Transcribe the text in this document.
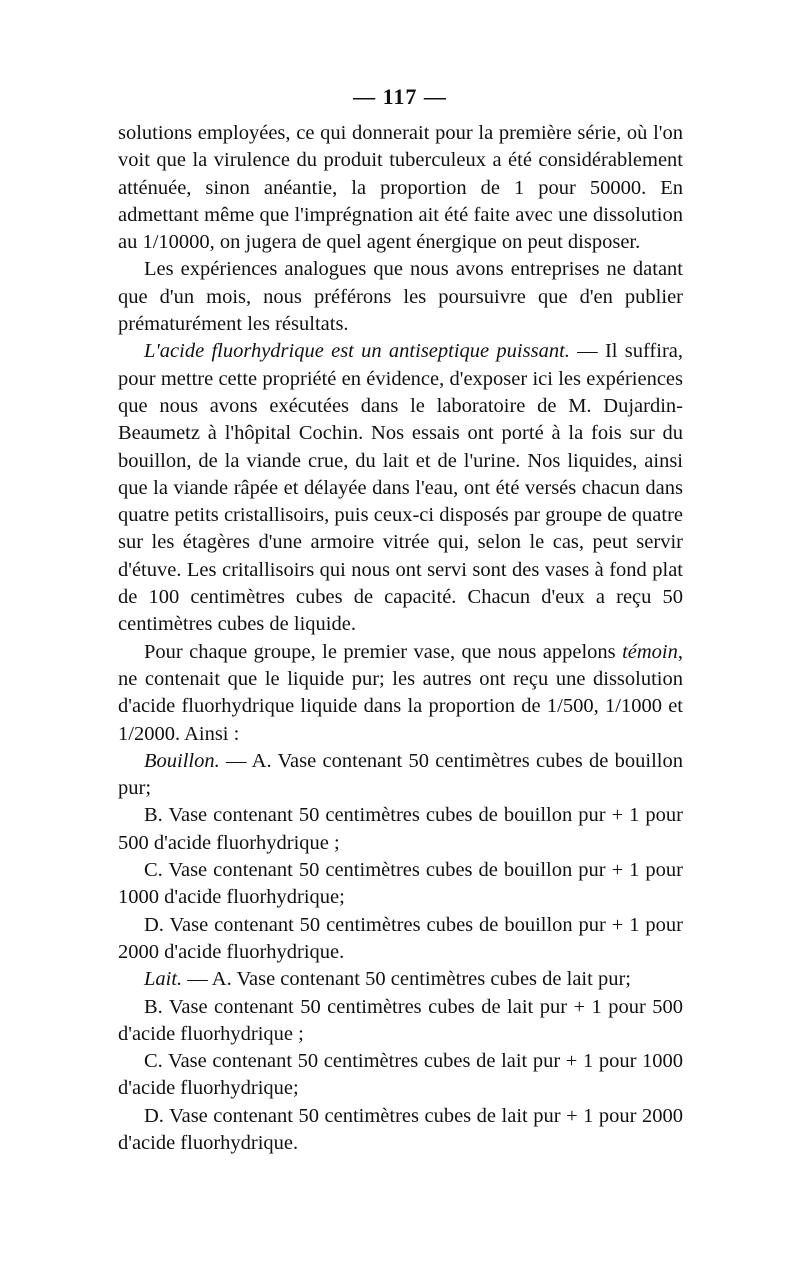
— 117 —

solutions employées, ce qui donnerait pour la première série, où l'on voit que la virulence du produit tuberculeux a été considérablement atténuée, sinon anéantie, la proportion de 1 pour 50000. En admettant même que l'imprégnation ait été faite avec une dissolution au 1/10000, on jugera de quel agent énergique on peut disposer.

Les expériences analogues que nous avons entreprises ne datant que d'un mois, nous préférons les poursuivre que d'en publier prématurément les résultats.

L'acide fluorhydrique est un antiseptique puissant. — Il suffira, pour mettre cette propriété en évidence, d'exposer ici les expériences que nous avons exécutées dans le laboratoire de M. Dujardin-Beaumetz à l'hôpital Cochin. Nos essais ont porté à la fois sur du bouillon, de la viande crue, du lait et de l'urine. Nos liquides, ainsi que la viande râpée et délayée dans l'eau, ont été versés chacun dans quatre petits cristallisoirs, puis ceux-ci disposés par groupe de quatre sur les étagères d'une armoire vitrée qui, selon le cas, peut servir d'étuve. Les critallisoirs qui nous ont servi sont des vases à fond plat de 100 centimètres cubes de capacité. Chacun d'eux a reçu 50 centimètres cubes de liquide.

Pour chaque groupe, le premier vase, que nous appelons témoin, ne contenait que le liquide pur; les autres ont reçu une dissolution d'acide fluorhydrique liquide dans la proportion de 1/500, 1/1000 et 1/2000. Ainsi :

Bouillon. — A. Vase contenant 50 centimètres cubes de bouillon pur;

B. Vase contenant 50 centimètres cubes de bouillon pur + 1 pour 500 d'acide fluorhydrique ;

C. Vase contenant 50 centimètres cubes de bouillon pur + 1 pour 1000 d'acide fluorhydrique;

D. Vase contenant 50 centimètres cubes de bouillon pur + 1 pour 2000 d'acide fluorhydrique.

Lait. — A. Vase contenant 50 centimètres cubes de lait pur;

B. Vase contenant 50 centimètres cubes de lait pur + 1 pour 500 d'acide fluorhydrique ;

C. Vase contenant 50 centimètres cubes de lait pur + 1 pour 1000 d'acide fluorhydrique;

D. Vase contenant 50 centimètres cubes de lait pur + 1 pour 2000 d'acide fluorhydrique.
